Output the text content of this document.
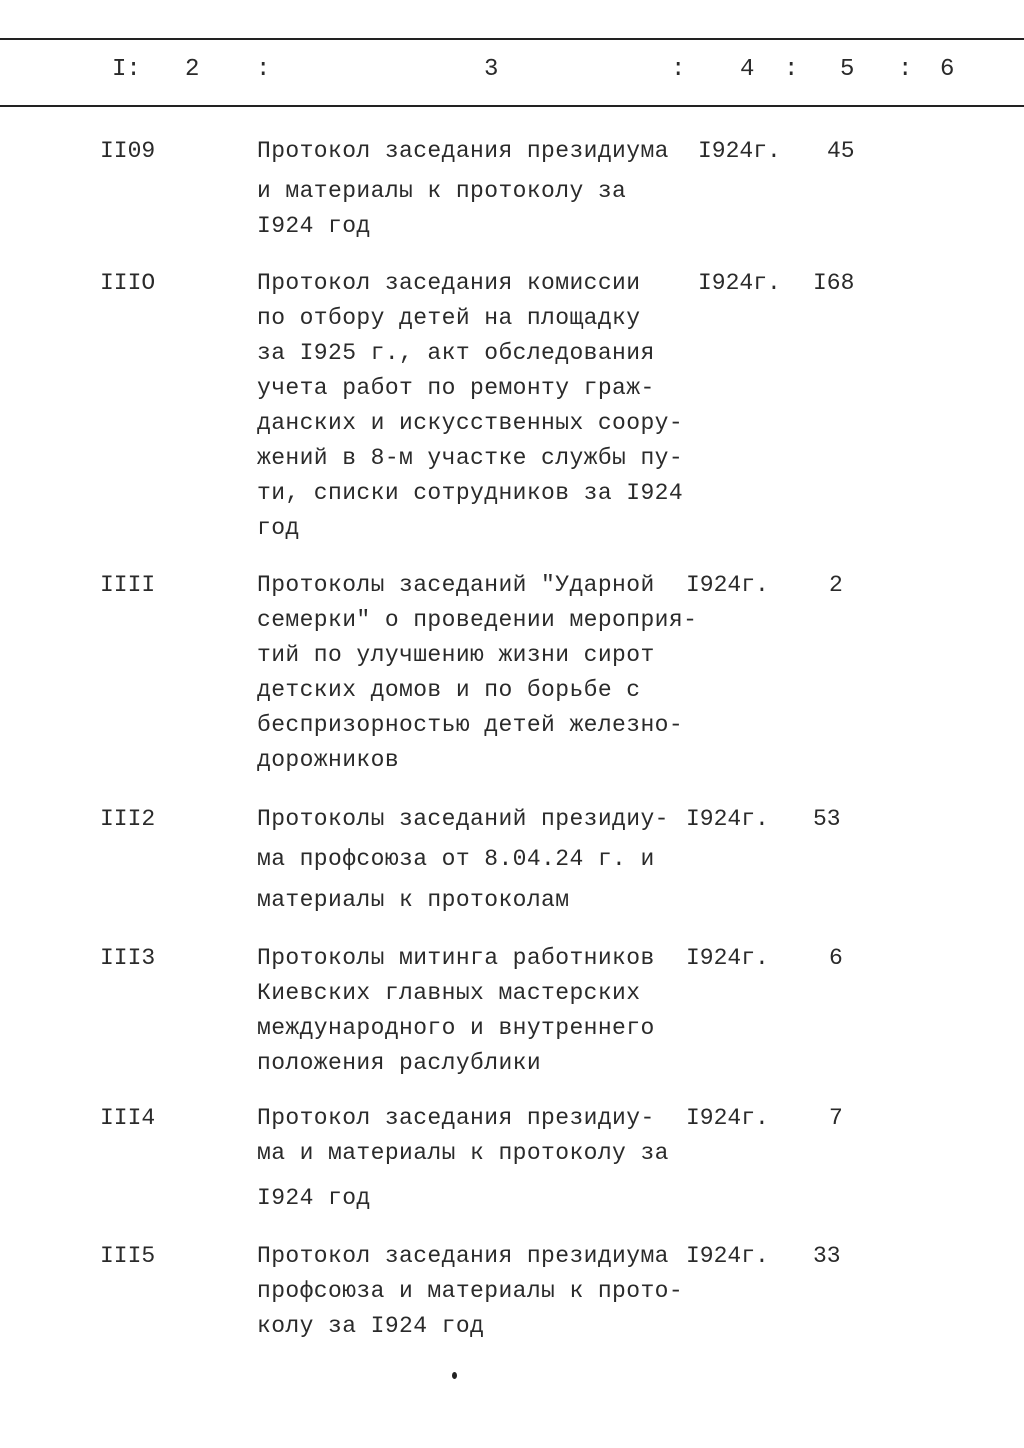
I: 2 :	3	: 4 : 5 : 6
II09	Протокол заседания президиума
и материалы к протоколу за
I924 год
I924г. 45
IIIO	Протокол заседания комиссии
по отбору детей на площадку
за I925 г., акт обследования
учета работ по ремонту граж-
данских и искусственных соору-
жений в 8-м участке службы пу-
ти, списки сотрудников за I924
год
I924г. I68
IIII	Протоколы заседаний "Ударной
семерки" о проведении мероприя-
тий по улучшению жизни сирот
детских домов и по борьбе с
беспризорностью детей железно-
дорожников
I924г.	2
III2	Протоколы заседаний президиу-
ма профсоюза от 8.04.24 г. и
материалы к протоколам
I924г. 53
III3	Протоколы митинга работников
Киевских главных мастерских
международного и внутреннего
положения раслублики
I924г.	6
III4	Протокол заседания президиу-
ма и материалы к протоколу за
I924 год
I924г.	7
III5	Протокол заседания президиума
профсоюза и материалы к прото-
колу за I924 год
I924г. 33
